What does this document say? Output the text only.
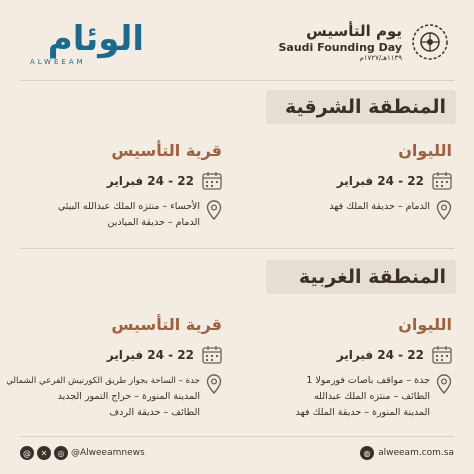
الوئام
ALWEEAM
يوم التأسيس
Saudi Founding Day
١١٣٩هـ/١٧٢٧م
المنطقة الشرقية
الليوان
22 - 24 فبراير
الدمام – حديقة الملك فهد
قرية التأسيس
22 - 24 فبراير
الأحساء – منتزه الملك عبدالله البيئي
الدمام – حديقة الميادين
المنطقة الغربية
الليوان
22 - 24 فبراير
جدة – مواقف باصات فورمولا 1
الطائف – منتزه الملك عبدالله
المدينة المنورة – حديقة الملك فهد
قرية التأسيس
22 - 24 فبراير
جدة – الساحة بجوار طريق الكورنيش الفرعي الشمالي
المدينة المنورة – حراج التمور الجديد
الطائف – حديقة الردف
@	✕	◎ @Alweeamnews	◍ alweeam.com.sa
